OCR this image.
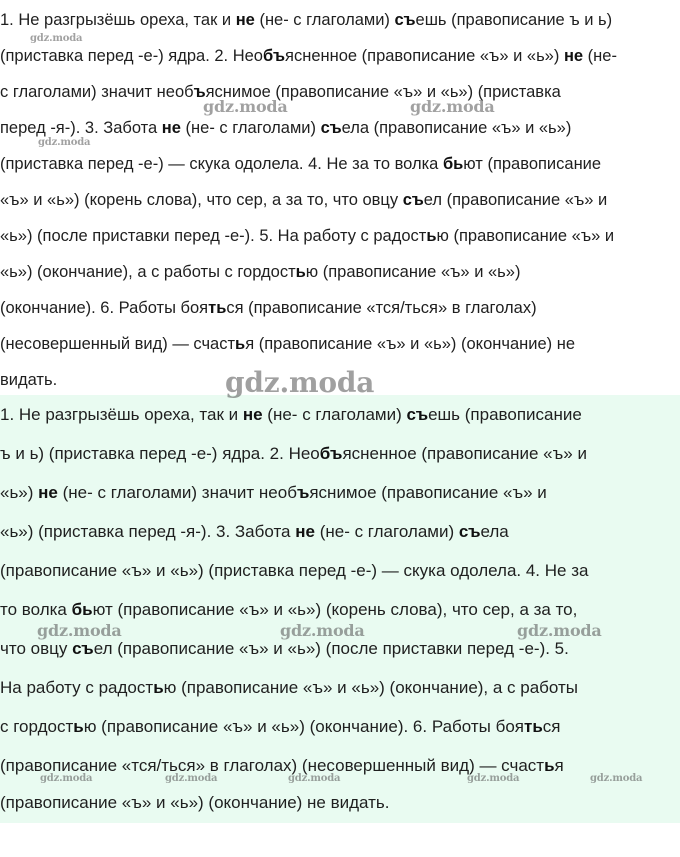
1. Не разгрызёшь ореха, так и не (не- с глаголами) съешь (правописание ъ и ь)
(приставка перед -е-) ядра. 2. Необъясненное (правописание «ъ» и «ь») не (не-
с глаголами) значит необъяснимое (правописание «ъ» и «ь») (приставка
перед -я-). 3. Забота не (не- с глаголами) съела (правописание «ъ» и «ь»)
(приставка перед -е-) — скука одолела. 4. Не за то волка бьют (правописание
«ъ» и «ь») (корень слова), что сер, а за то, что овцу съел (правописание «ъ» и
«ь») (после приставки перед -е-). 5. На работу с радостью (правописание «ъ» и
«ь») (окончание), а с работы с гордостью (правописание «ъ» и «ь»)
(окончание). 6. Работы бояться (правописание «тся/ться» в глаголах)
(несовершенный вид) — счастья (правописание «ъ» и «ь») (окончание) не
видать.
1. Не разгрызёшь ореха, так и не (не- с глаголами) съешь (правописание
ъ и ь) (приставка перед -е-) ядра. 2. Необъясненное (правописание «ъ» и
«ь») не (не- с глаголами) значит необъяснимое (правописание «ъ» и
«ь») (приставка перед -я-). 3. Забота не (не- с глаголами) съела
(правописание «ъ» и «ь») (приставка перед -е-) — скука одолела. 4. Не за
то волка бьют (правописание «ъ» и «ь») (корень слова), что сер, а за то,
что овцу съел (правописание «ъ» и «ь») (после приставки перед -е-). 5.
На работу с радостью (правописание «ъ» и «ь») (окончание), а с работы
с гордостью (правописание «ъ» и «ь») (окончание). 6. Работы бояться
(правописание «тся/ться» в глаголах) (несовершенный вид) — счастья
(правописание «ъ» и «ь») (окончание) не видать.
gdz.moda
gdz.moda
gdz.moda	gdz.moda
gdz.moda
gdz.moda	gdz.moda	gdz.moda
gdz.moda	gdz.moda	gdz.moda	gdz.moda	gdz.moda
